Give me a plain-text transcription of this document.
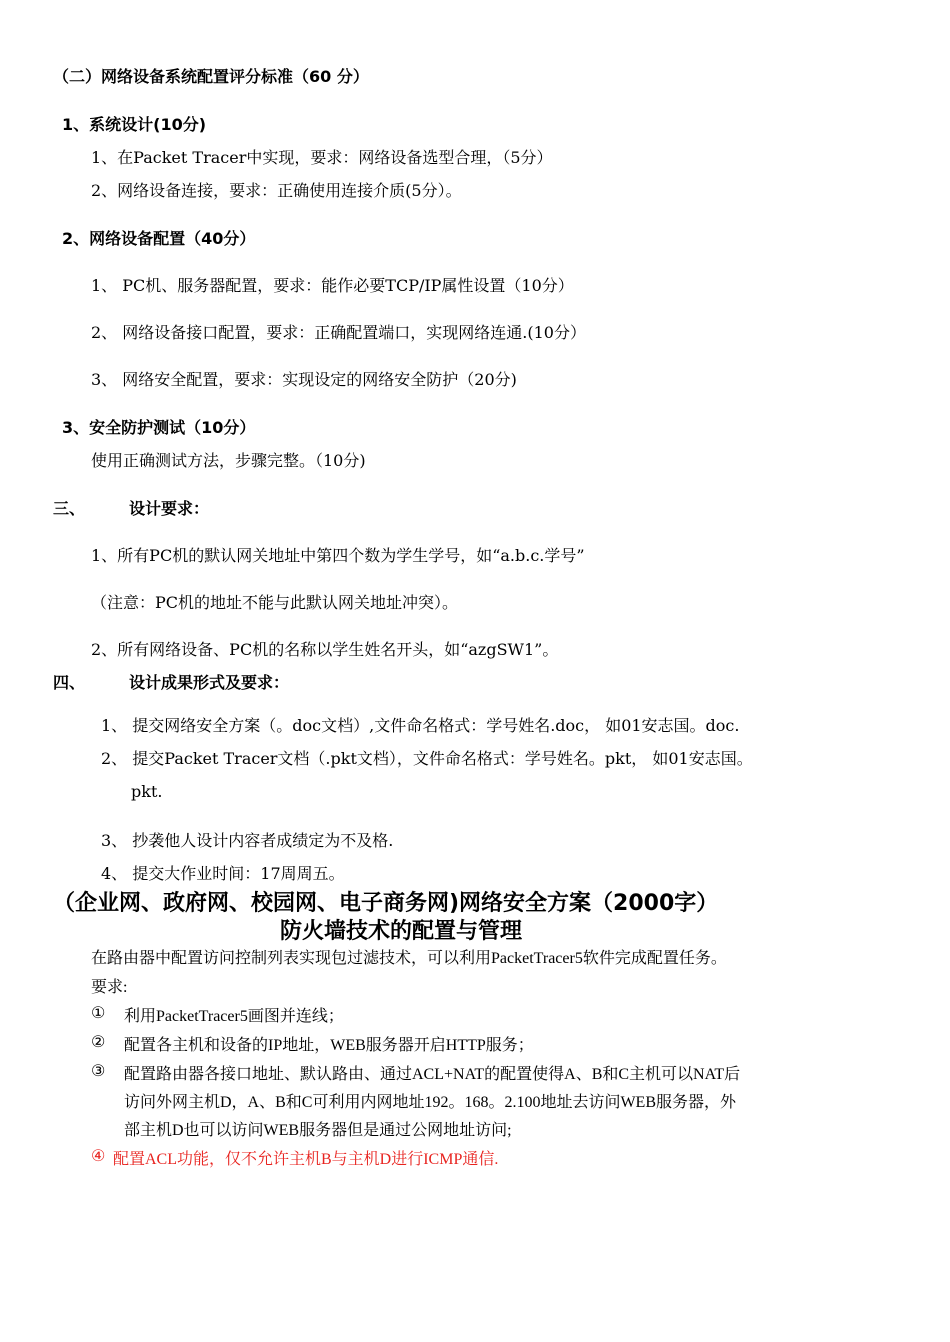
（二）网络设备系统配置评分标准（60 分）
1、系统设计(10分)
1、在Packet Tracer中实现，要求：网络设备选型合理，（5分）
2、网络设备连接，要求：正确使用连接介质(5分）。
2、网络设备配置（40分）
1、 PC机、服务器配置，要求：能作必要TCP/IP属性设置（10分）
2、 网络设备接口配置，要求：正确配置端口，实现网络连通.(10分）
3、 网络安全配置，要求：实现设定的网络安全防护（20分)
3、安全防护测试（10分）
使用正确测试方法，步骤完整。（10分)
三、	设计要求：
1、所有PC机的默认网关地址中第四个数为学生学号，如“a.b.c.学号”
（注意：PC机的地址不能与此默认网关地址冲突）。
2、所有网络设备、PC机的名称以学生姓名开头，如“azgSW1”。
四、	设计成果形式及要求：
1、 提交网络安全方案（。doc文档）,文件命名格式：学号姓名.doc， 如01安志国。doc.
2、 提交Packet Tracer文档（.pkt文档），文件命名格式：学号姓名。pkt， 如01安志国。
pkt.
3、 抄袭他人设计内容者成绩定为不及格.
4、 提交大作业时间：17周周五。
（企业网、政府网、校园网、电子商务网)网络安全方案（2000字）
防火墙技术的配置与管理
在路由器中配置访问控制列表实现包过滤技术，可以利用PacketTracer5软件完成配置任务。
要求:
① 利用PacketTracer5画图并连线；
② 配置各主机和设备的IP地址，WEB服务器开启HTTP服务；
③ 配置路由器各接口地址、默认路由、通过ACL+NAT的配置使得A、B和C主机可以NAT后
访问外网主机D，A、B和C可利用内网地址192。168。2.100地址去访问WEB服务器，外
部主机D也可以访问WEB服务器但是通过公网地址访问;
④ 配置ACL功能，仅不允许主机B与主机D进行ICMP通信.
